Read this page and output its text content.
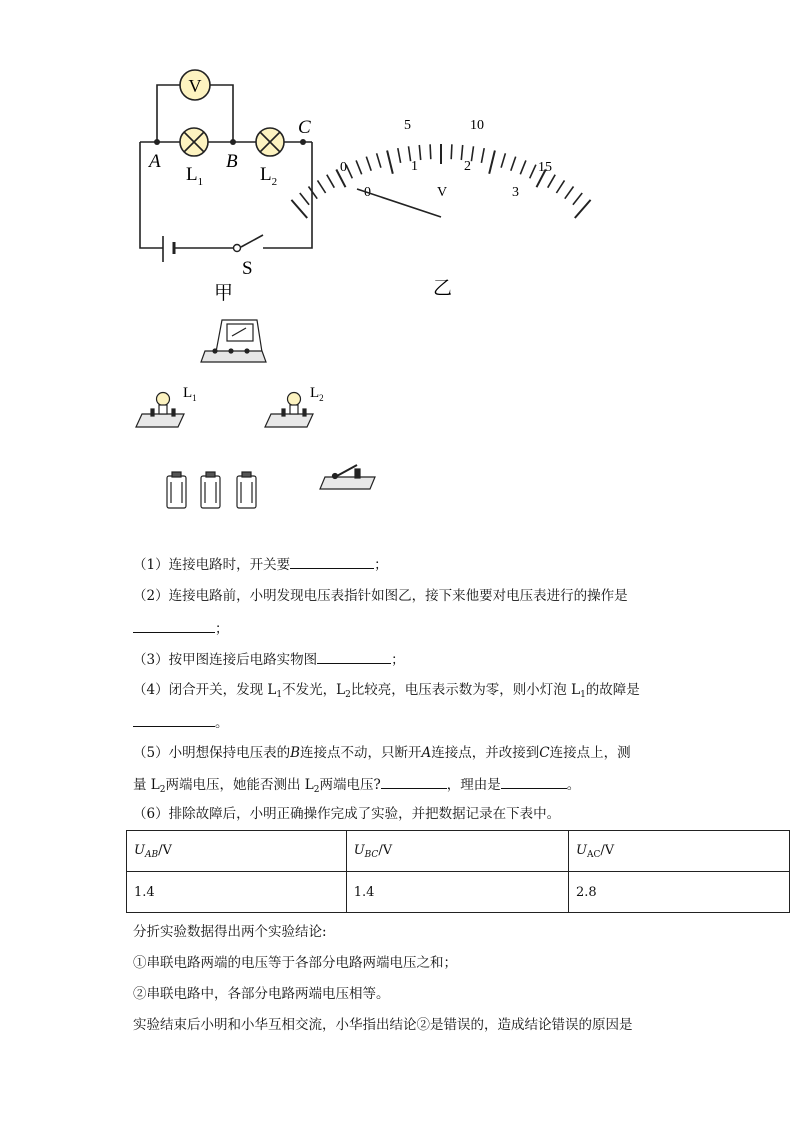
V
A	B
C
$L_1$	$L_2$
S
甲
0
5	10
15
1	2
3
V
乙
$L_1$	$L_2$
（1）连接电路时，开关要	；
（2）连接电路前，小明发现电压表指针如图乙，接下来他要对电压表进行的操作是
；
（3）按甲图连接后电路实物图	；
（4）闭合开关，发现 $L_1$不发光，$L_2$比较亮，电压表示数为零，则小灯泡 $L_1$的故障是
。
（5）小明想保持电压表的B连接点不动，只断开A连接点，并改接到C连接点上，测
量 $L_2$两端电压，她能否测出 $L_2$两端电压?	，理由是	。
（6）排除故障后，小明正确操作完成了实验，并把数据记录在下表中。
$U_{AB}/V$	$U_{BC}/V$	$U_{AC}/V$
1.4	1.4	2.8
分折实验数据得出两个实验结论:
①串联电路两端的电压等于各部分电路两端电压之和；
②串联电路中，各部分电路两端电压相等。
实验结束后小明和小华互相交流，小华指出结论②是错误的，造成结论错误的原因是
